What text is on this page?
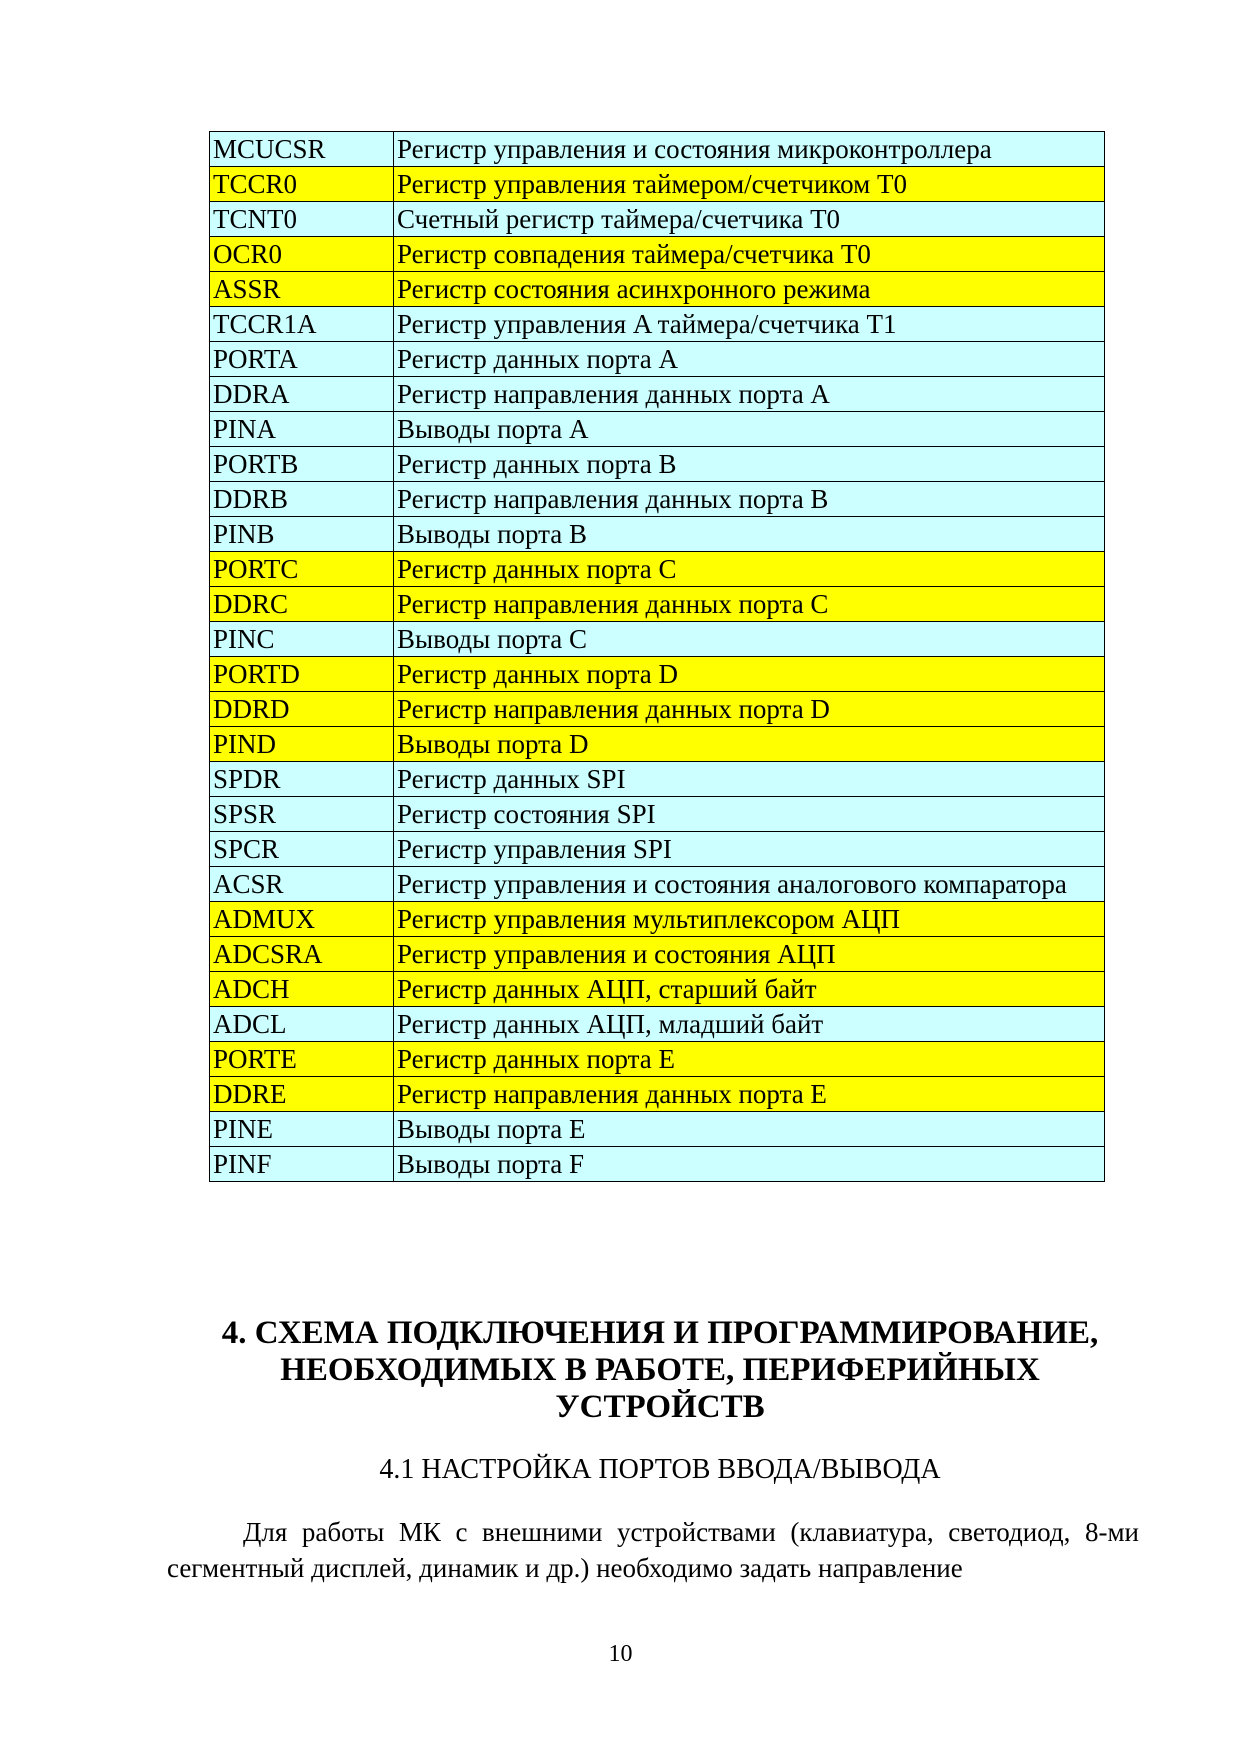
MCUCSR	Регистр управления и состояния микроконтроллера
TCCR0	Регистр управления таймером/счетчиком T0
TCNT0	Счетный регистр таймера/счетчика T0
OCR0	Регистр совпадения таймера/счетчика T0
ASSR	Регистр состояния асинхронного режима
TCCR1A	Регистр управления A таймера/счетчика T1
PORTA	Регистр данных порта A
DDRA	Регистр направления данных порта A
PINA	Выводы порта A
PORTB	Регистр данных порта B
DDRB	Регистр направления данных порта B
PINB	Выводы порта B
PORTC	Регистр данных порта C
DDRC	Регистр направления данных порта C
PINC	Выводы порта C
PORTD	Регистр данных порта D
DDRD	Регистр направления данных порта D
PIND	Выводы порта D
SPDR	Регистр данных SPI
SPSR	Регистр состояния SPI
SPCR	Регистр управления SPI
ACSR	Регистр управления и состояния аналогового компаратора
ADMUX	Регистр управления мультиплексором АЦП
ADCSRA	Регистр управления и состояния АЦП
ADCH	Регистр данных АЦП, старший байт
ADCL	Регистр данных АЦП, младший байт
PORTE	Регистр данных порта E
DDRE	Регистр направления данных порта E
PINE	Выводы порта E
PINF	Выводы порта F
4. СХЕМА ПОДКЛЮЧЕНИЯ И ПРОГРАММИРОВАНИЕ, НЕОБХОДИМЫХ В РАБОТЕ, ПЕРИФЕРИЙНЫХ УСТРОЙСТВ
4.1 НАСТРОЙКА ПОРТОВ ВВОДА/ВЫВОДА
Для работы МК с внешними устройствами (клавиатура, светодиод, 8-ми сегментный дисплей, динамик и др.) необходимо задать направление
10
